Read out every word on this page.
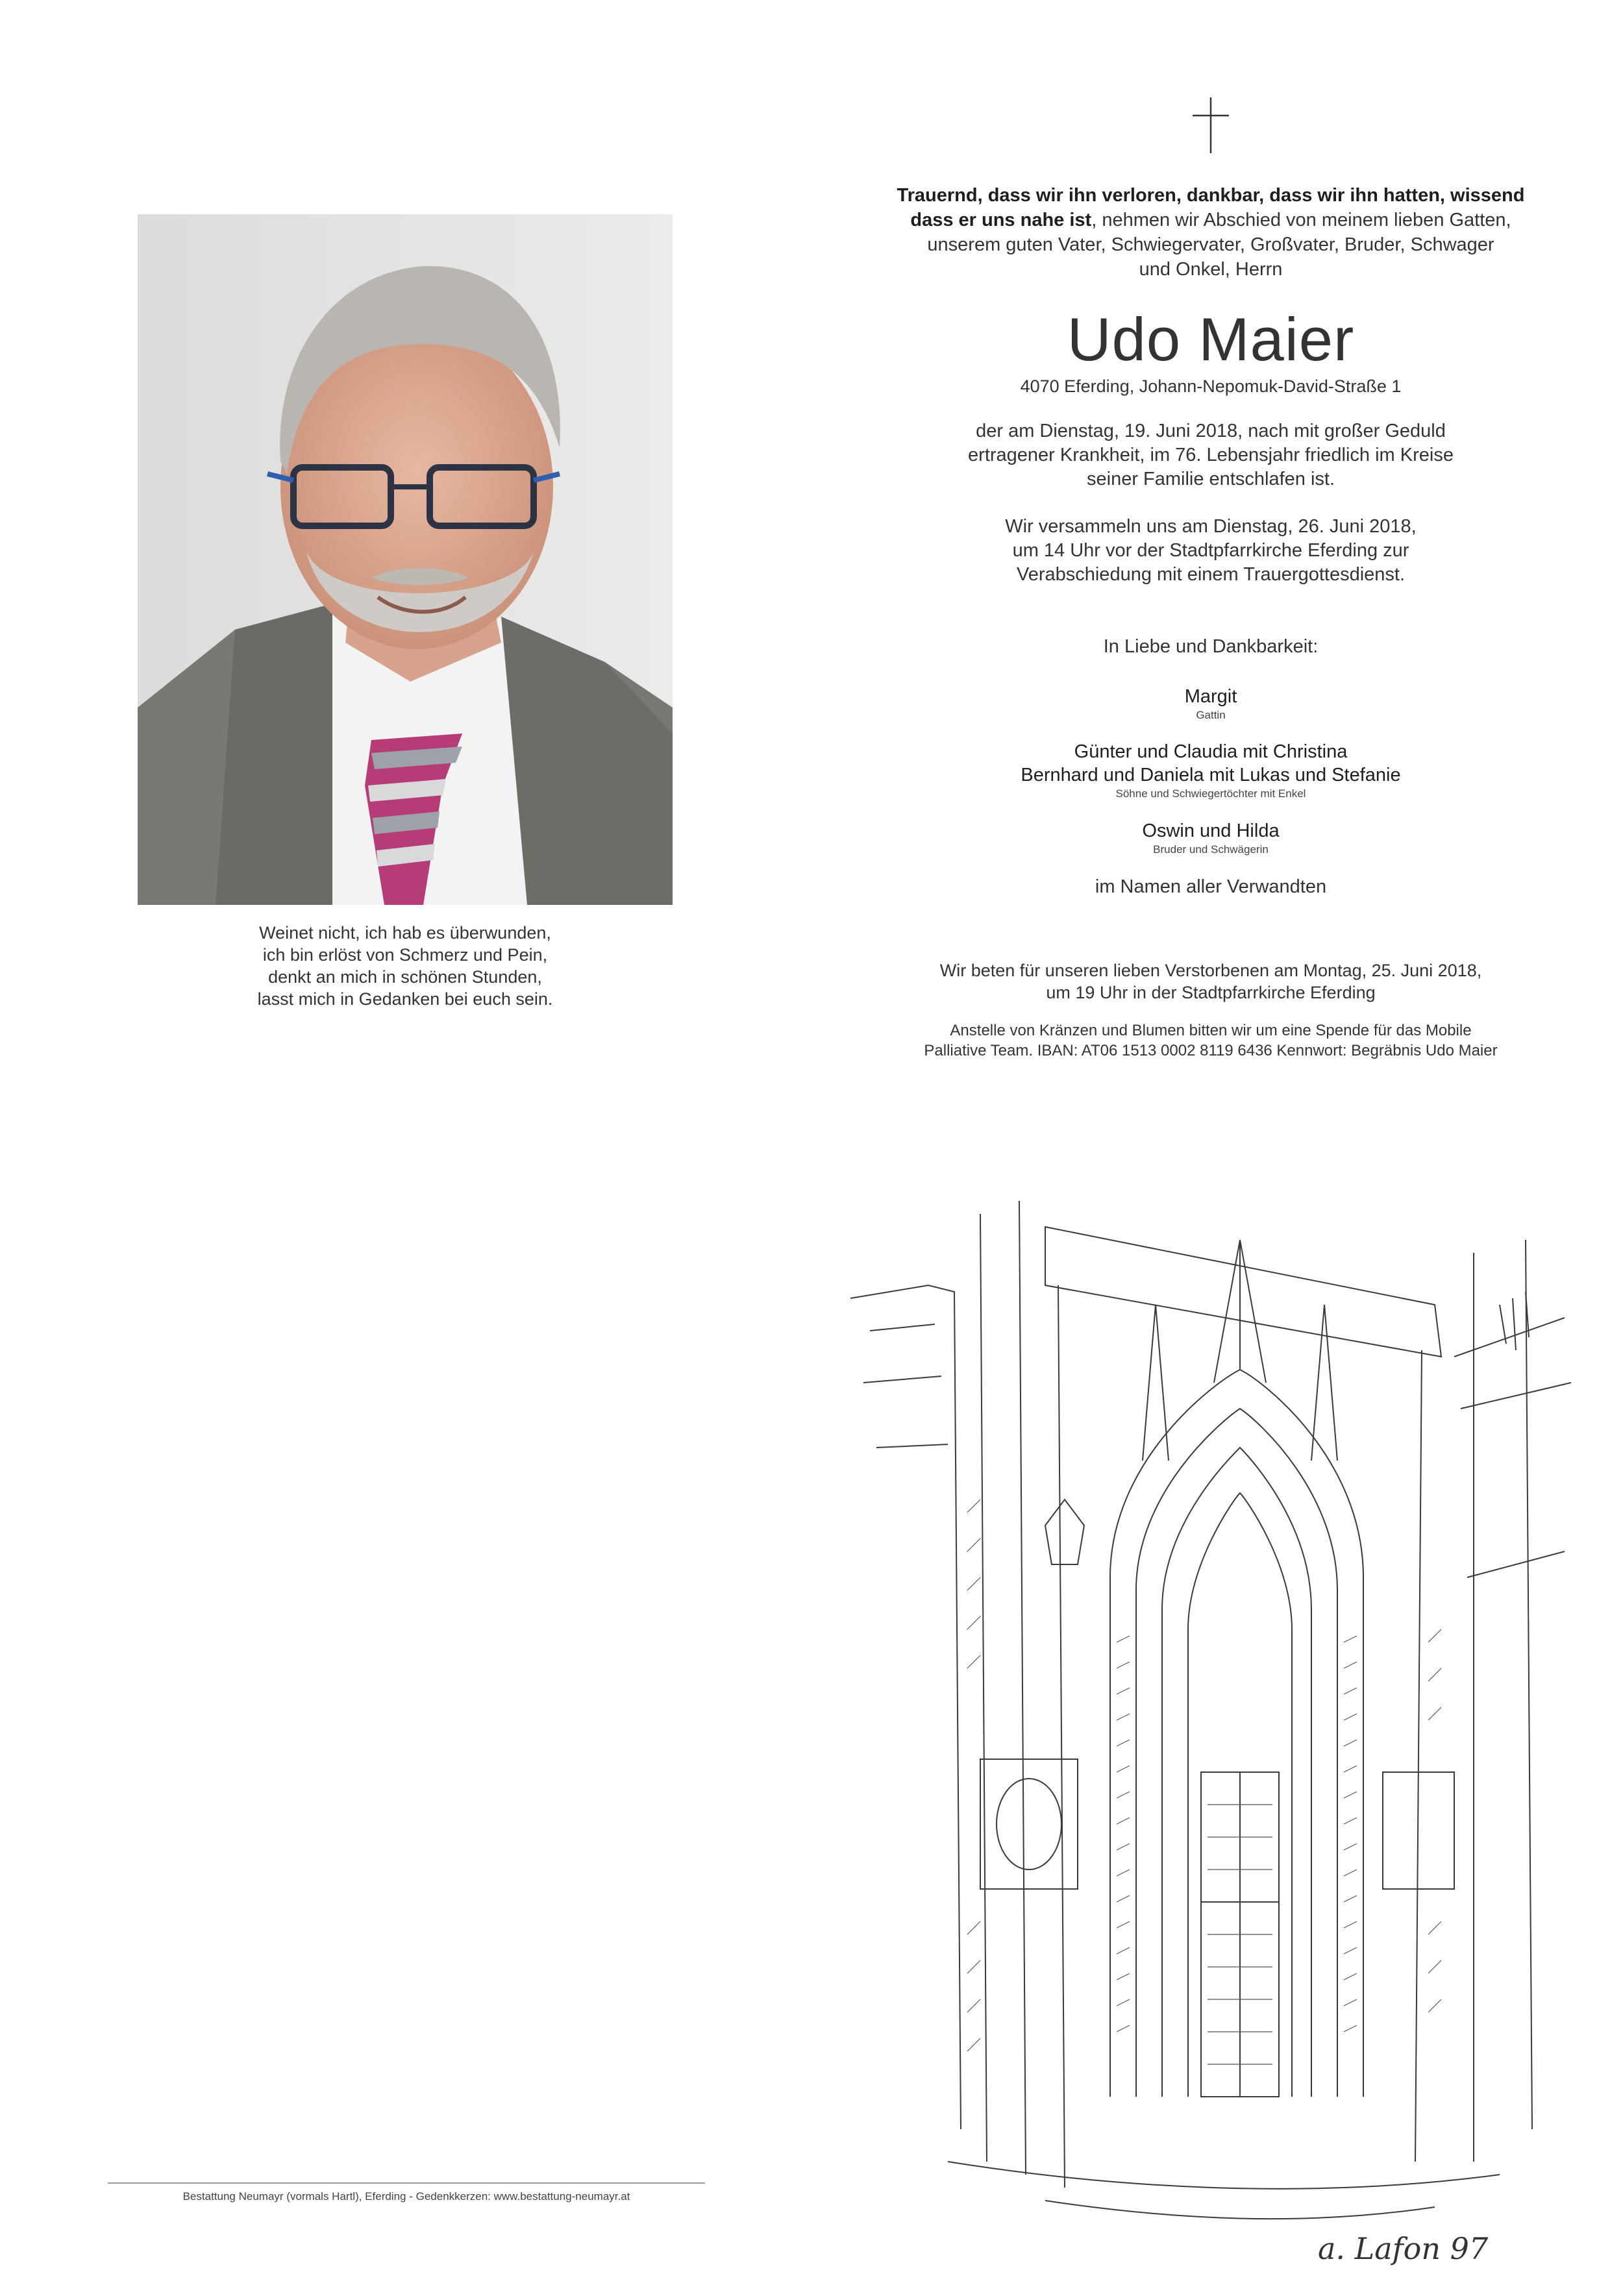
Weinet nicht, ich hab es überwunden,
ich bin erlöst von Schmerz und Pein,
denkt an mich in schönen Stunden,
lasst mich in Gedanken bei euch sein.
Bestattung Neumayr (vormals Hartl), Eferding - Gedenkkerzen: www.bestattung-neumayr.at
Trauernd, dass wir ihn verloren, dankbar, dass wir ihn hatten, wissend
dass er uns nahe ist, nehmen wir Abschied von meinem lieben Gatten,
unserem guten Vater, Schwiegervater, Großvater, Bruder, Schwager
und Onkel, Herrn
Udo Maier
4070 Eferding, Johann-Nepomuk-David-Straße 1
der am Dienstag, 19. Juni 2018, nach mit großer Geduld
ertragener Krankheit, im 76. Lebensjahr friedlich im Kreise
seiner Familie entschlafen ist.
Wir versammeln uns am Dienstag, 26. Juni 2018,
um 14 Uhr vor der Stadtpfarrkirche Eferding zur
Verabschiedung mit einem Trauergottesdienst.
In Liebe und Dankbarkeit:
Margit
Gattin
Günter und Claudia mit Christina
Bernhard und Daniela mit Lukas und Stefanie
Söhne und Schwiegertöchter mit Enkel
Oswin und Hilda
Bruder und Schwägerin
im Namen aller Verwandten
Wir beten für unseren lieben Verstorbenen am Montag, 25. Juni 2018,
um 19 Uhr in der Stadtpfarrkirche Eferding
Anstelle von Kränzen und Blumen bitten wir um eine Spende für das Mobile
Palliative Team. IBAN: AT06 1513 0002 8119 6436 Kennwort: Begräbnis Udo Maier
a. Lafon 97
